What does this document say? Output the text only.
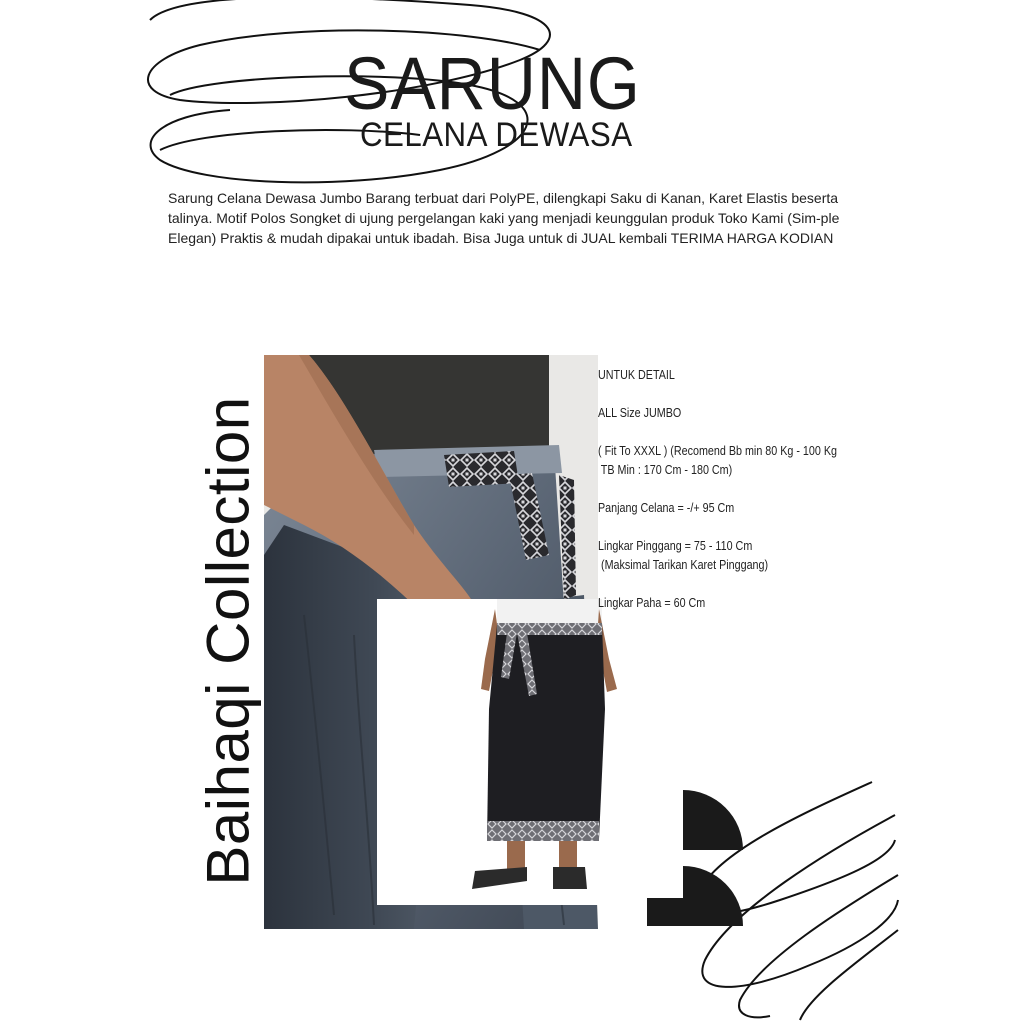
SARUNG
CELANA DEWASA
Sarung Celana Dewasa Jumbo Barang terbuat dari PolyPE, dilengkapi Saku di Kanan, Karet Elastis beserta talinya. Motif Polos Songket di ujung pergelangan kaki yang menjadi keunggulan produk Toko Kami (Sim-ple Elegan) Praktis & mudah dipakai untuk ibadah. Bisa Juga untuk di JUAL kembali TERIMA HARGA KODIAN
Baihaqi Collection

UNTUK DETAIL

ALL Size JUMBO

( Fit To XXXL ) (Recomend Bb min 80 Kg - 100 Kg

TB Min : 170 Cm - 180 Cm)

Panjang Celana = -/+ 95 Cm

Lingkar Pinggang = 75 - 110 Cm

(Maksimal Tarikan Karet Pinggang)

Lingkar Paha = 60 Cm
